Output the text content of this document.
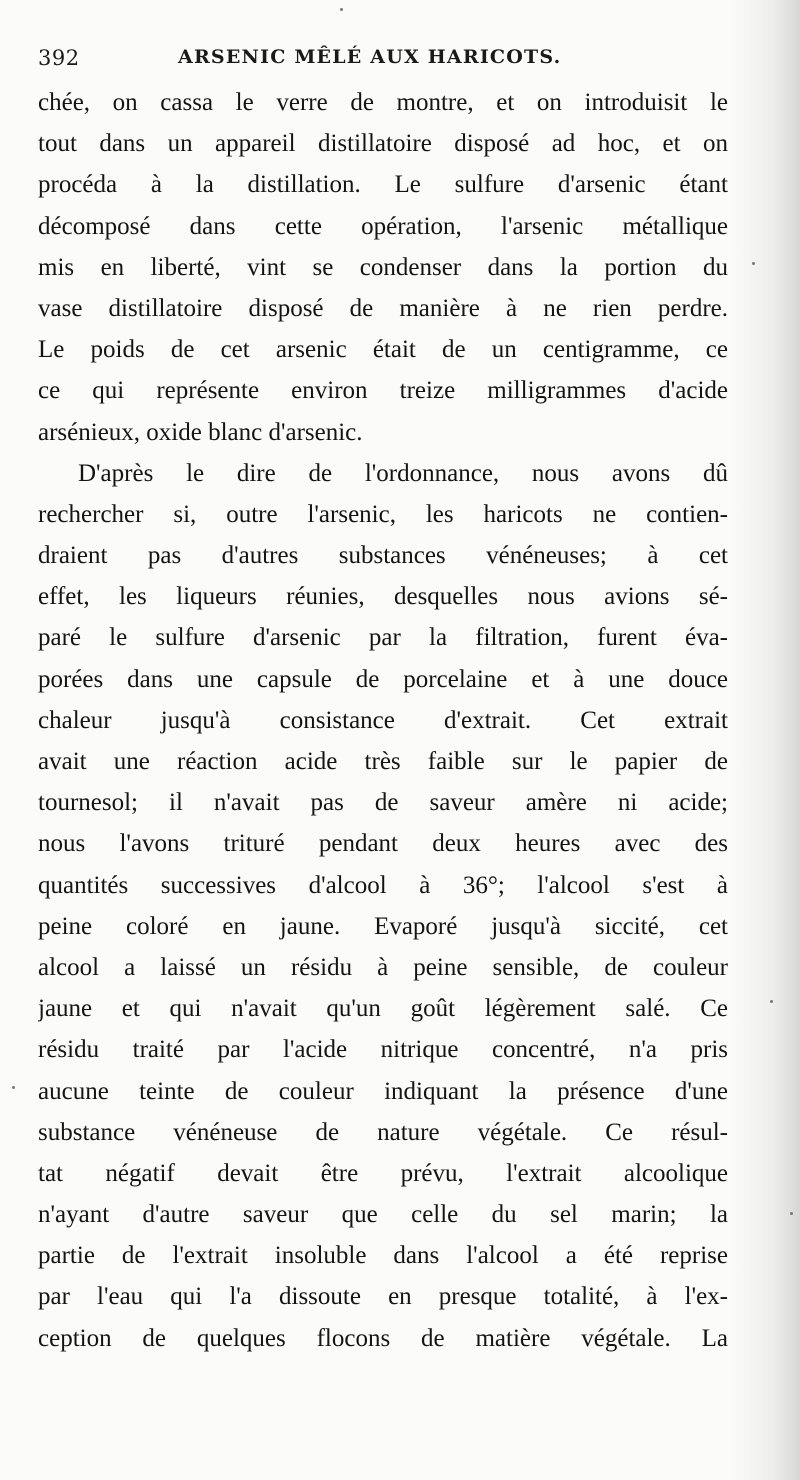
392	ARSENIC MÊLÉ AUX HARICOTS.
chée, on cassa le verre de montre, et on introduisit le
tout dans un appareil distillatoire disposé ad hoc, et on
procéda à la distillation. Le sulfure d'arsenic étant
décomposé dans cette opération, l'arsenic métallique
mis en liberté, vint se condenser dans la portion du
vase distillatoire disposé de manière à ne rien perdre.
Le poids de cet arsenic était de un centigramme, ce
ce qui représente environ treize milligrammes d'acide
arsénieux, oxide blanc d'arsenic.
D'après le dire de l'ordonnance, nous avons dû
rechercher si, outre l'arsenic, les haricots ne contien-
draient pas d'autres substances vénéneuses; à cet
effet, les liqueurs réunies, desquelles nous avions sé-
paré le sulfure d'arsenic par la filtration, furent éva-
porées dans une capsule de porcelaine et à une douce
chaleur jusqu'à consistance d'extrait. Cet extrait
avait une réaction acide très faible sur le papier de
tournesol; il n'avait pas de saveur amère ni acide;
nous l'avons trituré pendant deux heures avec des
quantités successives d'alcool à 36°; l'alcool s'est à
peine coloré en jaune. Evaporé jusqu'à siccité, cet
alcool a laissé un résidu à peine sensible, de couleur
jaune et qui n'avait qu'un goût légèrement salé. Ce
résidu traité par l'acide nitrique concentré, n'a pris
aucune teinte de couleur indiquant la présence d'une
substance vénéneuse de nature végétale. Ce résul-
tat négatif devait être prévu, l'extrait alcoolique
n'ayant d'autre saveur que celle du sel marin; la
partie de l'extrait insoluble dans l'alcool a été reprise
par l'eau qui l'a dissoute en presque totalité, à l'ex-
ception de quelques flocons de matière végétale. La
